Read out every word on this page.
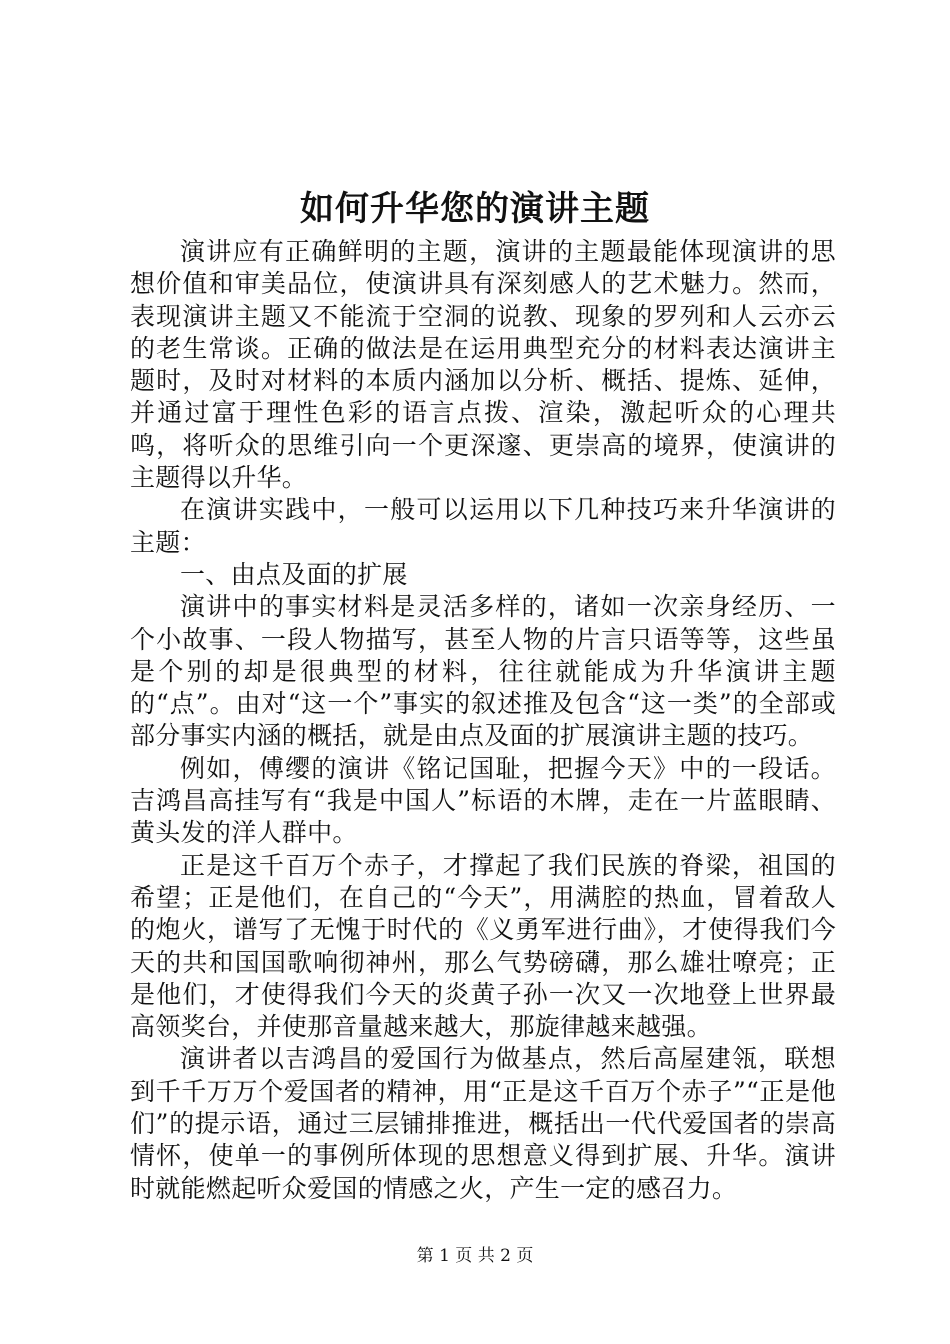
如何升华您的演讲主题

演讲应有正确鲜明的主题，演讲的主题最能体现演讲的思想价值和审美品位，使演讲具有深刻感人的艺术魅力。然而，表现演讲主题又不能流于空洞的说教、现象的罗列和人云亦云的老生常谈。正确的做法是在运用典型充分的材料表达演讲主题时，及时对材料的本质内涵加以分析、概括、提炼、延伸，并通过富于理性色彩的语言点拨、渲染，激起听众的心理共鸣，将听众的思维引向一个更深邃、更崇高的境界，使演讲的主题得以升华。

在演讲实践中，一般可以运用以下几种技巧来升华演讲的主题：

一、由点及面的扩展

演讲中的事实材料是灵活多样的，诸如一次亲身经历、一个小故事、一段人物描写，甚至人物的片言只语等等，这些虽是个别的却是很典型的材料，往往就能成为升华演讲主题的“点”。由对“这一个”事实的叙述推及包含“这一类”的全部或部分事实内涵的概括，就是由点及面的扩展演讲主题的技巧。

例如，傅缨的演讲《铭记国耻，把握今天》中的一段话。吉鸿昌高挂写有“我是中国人”标语的木牌，走在一片蓝眼睛、黄头发的洋人群中。

正是这千百万个赤子，才撑起了我们民族的脊梁，祖国的希望；正是他们，在自己的“今天”，用满腔的热血，冒着敌人的炮火，谱写了无愧于时代的《义勇军进行曲》，才使得我们今天的共和国国歌响彻神州，那么气势磅礴，那么雄壮嘹亮；正是他们，才使得我们今天的炎黄子孙一次又一次地登上世界最高领奖台，并使那音量越来越大，那旋律越来越强。

演讲者以吉鸿昌的爱国行为做基点，然后高屋建瓴，联想到千千万万个爱国者的精神，用“正是这千百万个赤子”“正是他们”的提示语，通过三层铺排推进，概括出一代代爱国者的崇高情怀，使单一的事例所体现的思想意义得到扩展、升华。演讲时就能燃起听众爱国的情感之火，产生一定的感召力。

第 1 页 共 2 页
